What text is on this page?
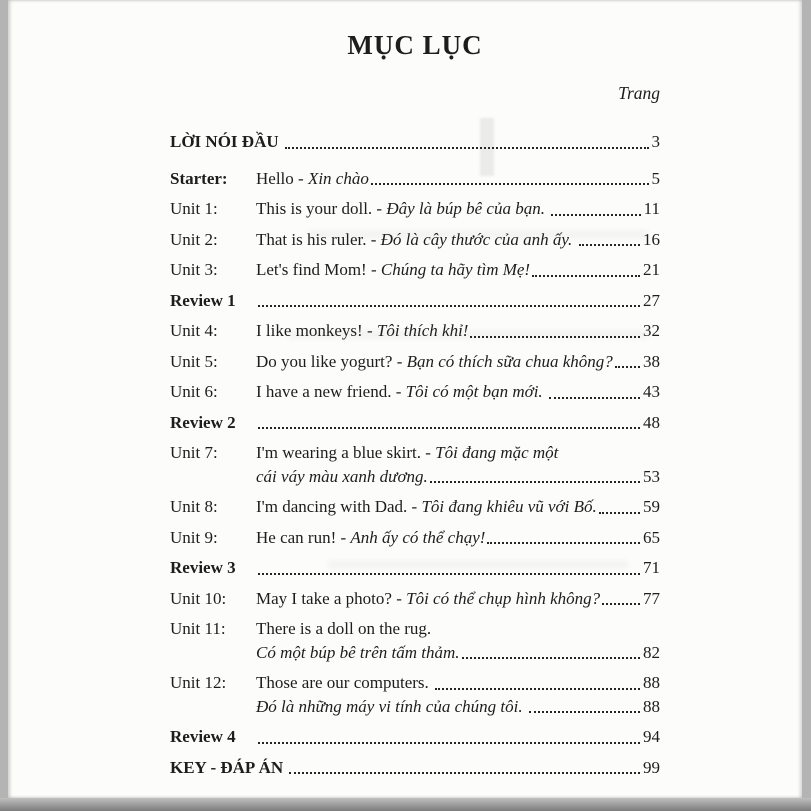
MỤC LỤC
Trang
LỜI NÓI ĐẦU	3
Starter:	Hello - Xin chào	5
Unit 1:	This is your doll. - Đây là búp bê của bạn.	11
Unit 2:	That is his ruler. - Đó là cây thước của anh ấy.	16
Unit 3:	Let's find Mom! - Chúng ta hãy tìm Mẹ!	21
Review 1	27
Unit 4:	I like monkeys! - Tôi thích khỉ!	32
Unit 5:	Do you like yogurt? - Bạn có thích sữa chua không? 38
Unit 6:	I have a new friend. - Tôi có một bạn mới.	43
Review 2	48
Unit 7:	I'm wearing a blue skirt. - Tôi đang mặc một
cái váy màu xanh dương.	53
Unit 8:	I'm dancing with Dad. - Tôi đang khiêu vũ với Bố.	59
Unit 9:	He can run! - Anh ấy có thể chạy!	65
Review 3	71
Unit 10:	May I take a photo? - Tôi có thể chụp hình không?	77
Unit 11:	There is a doll on the rug.
Có một búp bê trên tấm thảm.	82
Unit 12:	Those are our computers.	88
Đó là những máy vi tính của chúng tôi.	88
Review 4	94
KEY - ĐÁP ÁN	99
